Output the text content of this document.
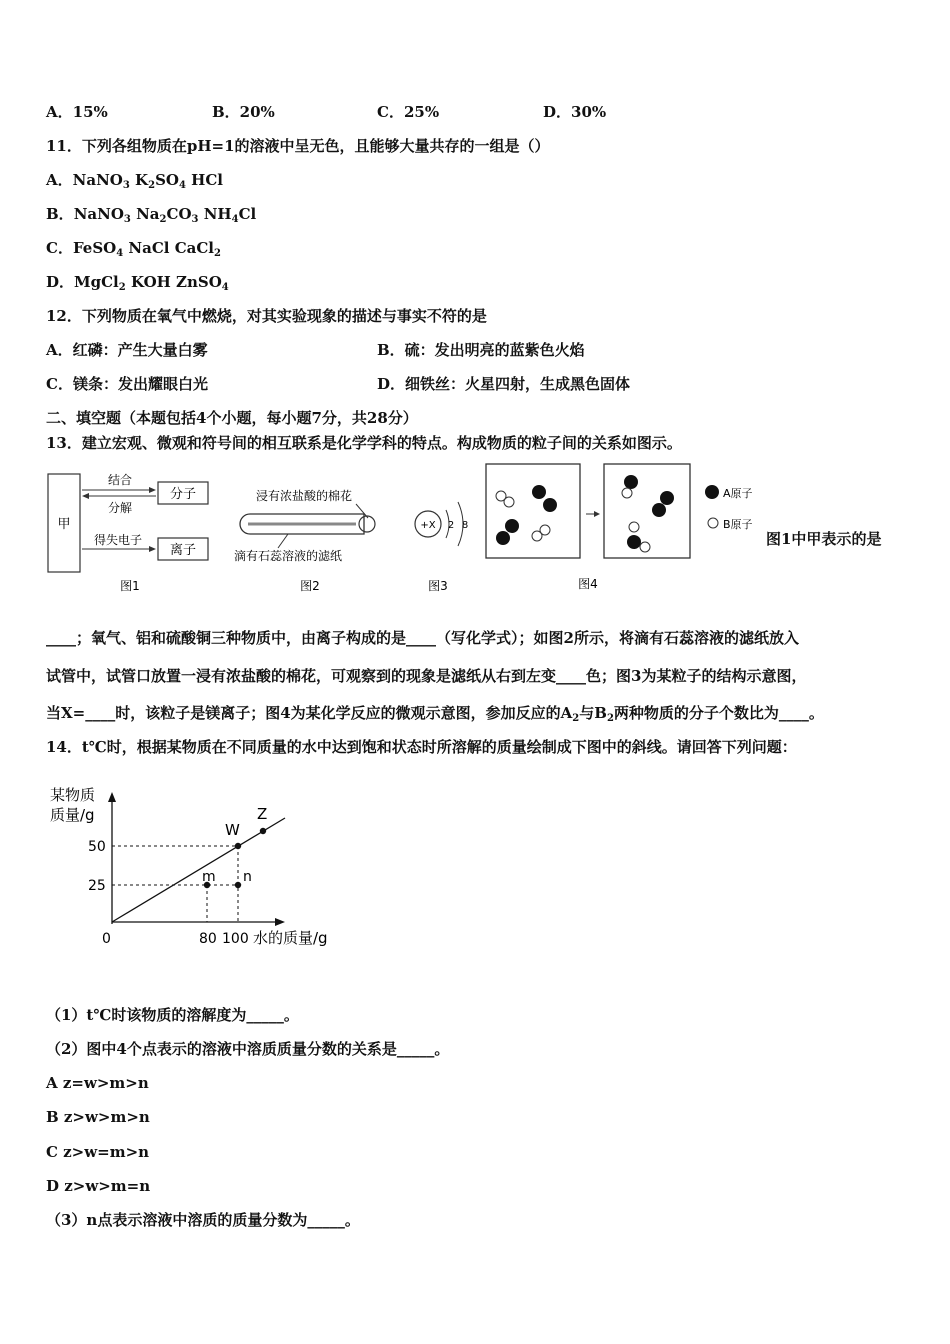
A．15%	B．20%	C．25%	D．30%
11．下列各组物质在pH=1的溶液中呈无色，且能够大量共存的一组是（）
A．NaNO$_3$ $K_2SO_4$ HCl
B．NaNO$_3$ $Na_2CO_3$ $NH_4Cl$
C．FeSO$_4$ NaCl CaCl$_2$
D．MgCl$_2$ KOH ZnSO$_4$
12．下列物质在氧气中燃烧，对其实验现象的描述与事实不符的是
A．红磷：产生大量白雾	B．硫：发出明亮的蓝紫色火焰
C．镁条：发出耀眼白光	D．细铁丝：火星四射，生成黑色固体
二、填空题（本题包括4个小题，每小题7分，共28分）
13．建立宏观、微观和符号间的相互联系是化学学科的特点。构成物质的粒子间的关系如图示。
甲
分子
离子
结合
分解
得失电子
图1
浸有浓盐酸的棉花
滴有石蕊溶液的滤纸
图2
+X 2 8
图3
A原子
B原子
图4
图1中甲表示的是
____；氧气、铝和硫酸铜三种物质中，由离子构成的是____（写化学式）；如图2所示，将滴有石蕊溶液的滤纸放入
试管中，试管口放置一浸有浓盐酸的棉花，可观察到的现象是滤纸从右到左变____色；图3为某粒子的结构示意图，
当X=____时，该粒子是镁离子；图4为某化学反应的微观示意图，参加反应的$A_2$与$B_2$两种物质的分子个数比为____。
14．t℃时，根据某物质在不同质量的水中达到饱和状态时所溶解的质量绘制成下图中的斜线。请回答下列问题：
某物质
质量/g
W
Z
m n
50
25
0	80 100 水的质量/g
（1）t℃时该物质的溶解度为_____。
（2）图中4个点表示的溶液中溶质质量分数的关系是_____。
A z=w>m>n
B z>w>m>n
C z>w=m>n
D z>w>m=n
（3）n点表示溶液中溶质的质量分数为_____。
